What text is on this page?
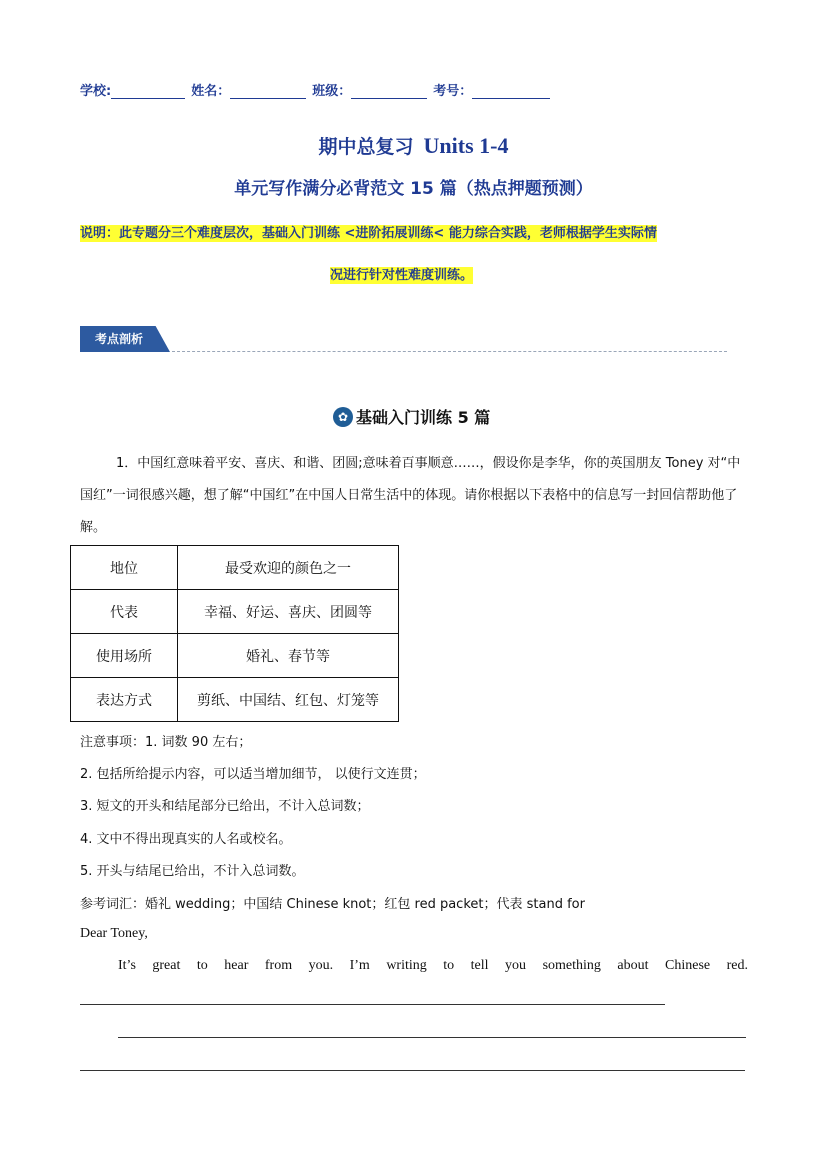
学校:	姓名：	班级：	考号：
期中总复习 Units 1-4
单元写作满分必背范文 15 篇（热点押题预测）
说明：此专题分三个难度层次，基础入门训练 <进阶拓展训练< 能力综合实践，老师根据学生实际情
况进行针对性难度训练。
考点剖析
✿ 基础入门训练 5 篇
1．中国红意味着平安、喜庆、和谐、团圆;意味着百事顺意……，假设你是李华，你的英国朋友 Toney 对“中国红”一词很感兴趣，想了解“中国红”在中国人日常生活中的体现。请你根据以下表格中的信息写一封回信帮助他了解。
地位	最受欢迎的颜色之一
代表	幸福、好运、喜庆、团圆等
使用场所	婚礼、春节等
表达方式	剪纸、中国结、红包、灯笼等
注意事项：1. 词数 90 左右；
2. 包括所给提示内容，可以适当增加细节， 以使行文连贯；
3. 短文的开头和结尾部分已给出，不计入总词数；
4. 文中不得出现真实的人名或校名。
5. 开头与结尾已给出，不计入总词数。
参考词汇：婚礼 wedding；中国结 Chinese knot；红包 red packet；代表 stand for
Dear Toney,
It’s great to hear from you. I’m writing to tell you something about Chinese red.
